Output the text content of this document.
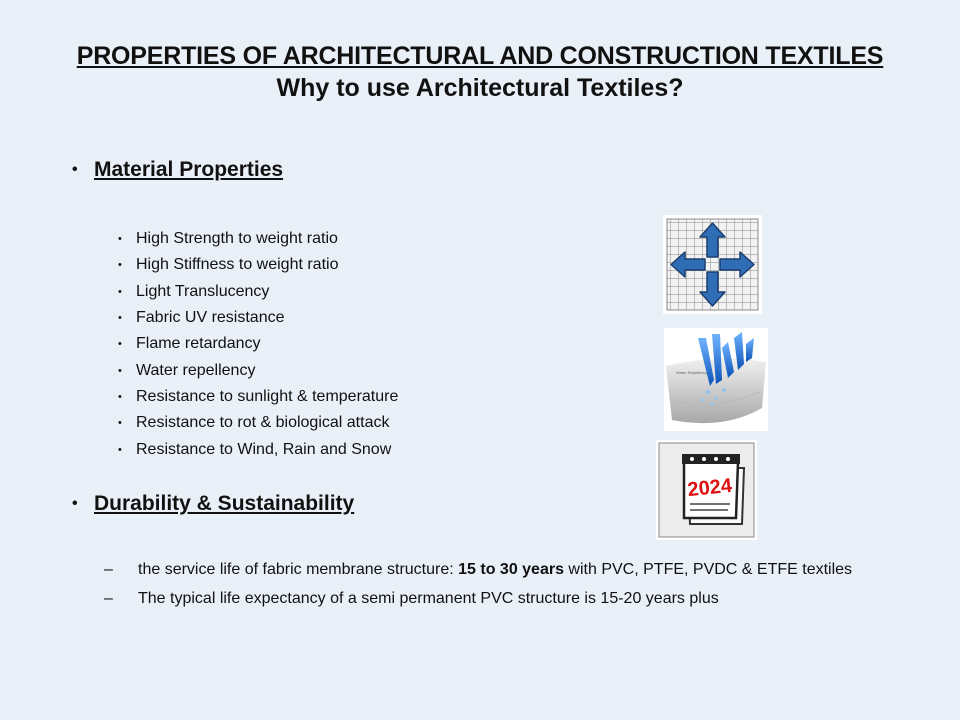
PROPERTIES OF ARCHITECTURAL AND CONSTRUCTION TEXTILES
Why to use Architectural Textiles?
• Material Properties
• High Strength to weight ratio
• High Stiffness to weight ratio
• Light Translucency
• Fabric UV resistance
• Flame retardancy
• Water repellency
• Resistance to sunlight & temperature
• Resistance to rot & biological attack
• Resistance to Wind, Rain and Snow
• Durability & Sustainability
–	the service life of fabric membrane structure: 15 to 30 years with PVC, PTFE, PVDC & ETFE textiles
–	The typical life expectancy of a semi permanent PVC structure is 15-20 years plus
Water Repellency
2024
